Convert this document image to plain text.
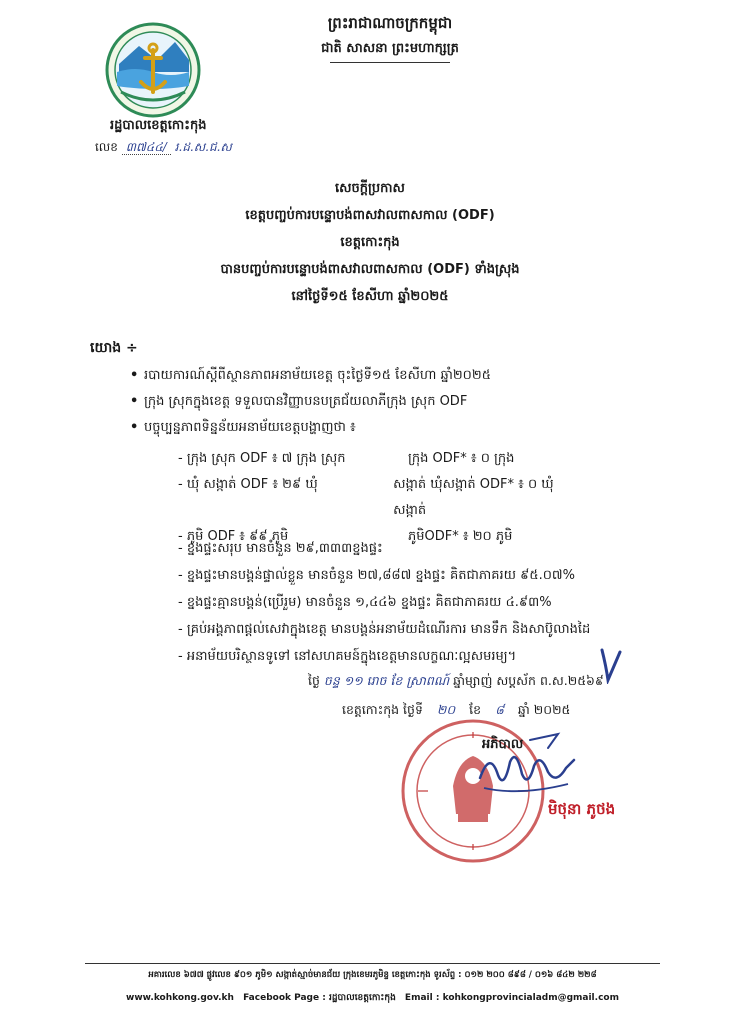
ព្រះរាជាណាចក្រកម្ពុជា
ជាតិ សាសនា ព្រះមហាក្សត្រ
រដ្ឋបាលខេត្តកោះកុង
លេខ ៣៧៤៤/ រ.ដ.ស.ជ.ស
សេចក្ដីប្រកាស
ខេត្តបញ្ចប់ការបន្ទោបង់ពាសវាលពាសកាល (ODF)
ខេត្តកោះកុង
បានបញ្ចប់ការបន្ទោបង់ពាសវាលពាសកាល (ODF) ទាំងស្រុង
នៅថ្ងៃទី១៥ ខែសីហា ឆ្នាំ២០២៥
យោង ÷
• របាយការណ៍ស្ដីពីស្ថានភាពអនាម័យខេត្ត ចុះថ្ងៃទី១៥ ខែសីហា ឆ្នាំ២០២៥
• ក្រុង ស្រុកក្នុងខេត្ត ទទួលបានវិញ្ញាបនបត្រជ័យលាភីក្រុង ស្រុក ODF
• បច្ចុប្បន្នភាពទិន្នន័យអនាម័យខេត្តបង្ហាញថា ៖
- ក្រុង ស្រុក ODF ៖ ៧ ក្រុង ស្រុក	ក្រុង ODF* ៖ ០ ក្រុង
- ឃុំ សង្កាត់ ODF ៖ ២៩ ឃុំ	សង្កាត់ ឃុំសង្កាត់ ODF* ៖ ០ ឃុំ សង្កាត់
- ភូមិ ODF ៖ ៩៩ ភូមិ	ភូមិODF* ៖ ២០ ភូមិ
- ខ្នងផ្ទះសរុប មានចំនួន ២៩,៣៣៣ខ្នងផ្ទះ
- ខ្នងផ្ទះមានបង្គន់ផ្ទាល់ខ្លួន មានចំនួន ២៧,៨៨៧ ខ្នងផ្ទះ គិតជាភាគរយ ៩៥.០៧%
- ខ្នងផ្ទះគ្មានបង្គន់(ប្រើរួម) មានចំនួន ១,៤៤៦ ខ្នងផ្ទះ គិតជាភាគរយ ៤.៩៣%
- គ្រប់អង្គភាពផ្ដល់សេវាក្នុងខេត្ត មានបង្គន់អនាម័យដំណើរការ មានទឹក និងសាប៊ូលាងដៃ
- អនាម័យបរិស្ថានទូទៅ នៅសហគមន៍ក្នុងខេត្តមានលក្ខណៈល្អសមរម្យ។
ថ្ងៃ ចន្ទ ១១ រោច ខែ ស្រាពណ៍ ឆ្នាំម្សាញ់ សប្តស័ក ព.ស.២៥៦៩
ខេត្តកោះកុង ថ្ងៃទី ២០ ខែ ៨ ឆ្នាំ ២០២៥
អភិបាល
មិថុនា ភូថង
អគារលេខ ៦៧៧ ផ្លូវលេខ ៩០១ ភូមិ១ សង្កាត់ស្មាច់មានជ័យ ក្រុងខេមរភូមិន្ទ ខេត្តកោះកុង ទូរស័ព្ទ : ០១២ ២០០ ៨៩៨ / ០១៦ ៨៤២ ២២៨
www.kohkong.gov.kh Facebook Page : រដ្ឋបាលខេត្តកោះកុង Email : kohkongprovincialadm@gmail.com
